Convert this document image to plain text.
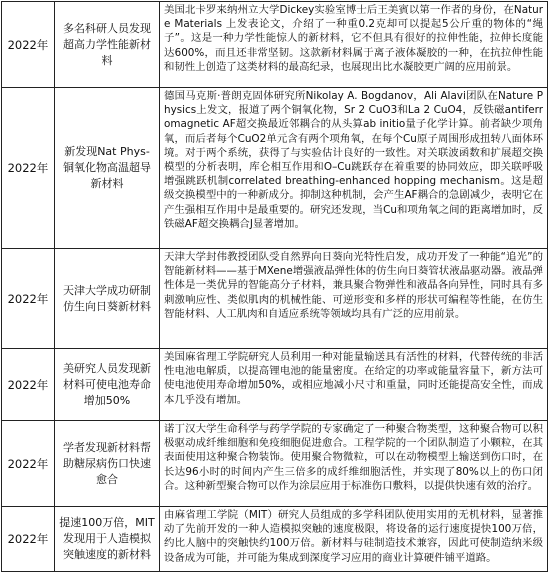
2022年
多名科研人员发现超高力学性能新材料
美国北卡罗来纳州立大学Dickey实验室博士后王美賓以第一作者的身份，在Nature Materials 上发表论文，介绍了一种重0.2克却可以提起5公斤重的物体的“绳子”。这是一种力学性能惊人的新材料，它不但具有很好的拉伸性能，拉伸长度能达600%，而且还非常坚韧。这款新材料属于离子液体凝胶的一种，在抗拉伸性能和韧性上创造了这类材料的最高纪录，也展现出比水凝胶更广阔的应用前景。
2022年
新发现Nat Phys-铜氧化物高温超导新材料
德国马克斯·普朗克固体研究所Nikolay A. Bogdanov，Ali Alavi团队在Nature Physics上发文，报道了两个铜氧化物，Sr 2 CuO3和La 2 CuO4，反铁磁antiferromagnetic AF超交换最近邻耦合的从头算ab initio量子化学计算。前者缺少项角氧，而后者每个CuO2单元含有两个项角氧，在每个Cu原子周围形成扭转八面体环境。对于两个系统，获得了与实验估计良好的一致性。对关联波函数和扩展超交换模型的分析表明，库仑相互作用和O–Cu跳跃存在着重要的协同效应，即关联呼吸增强跳跃机制correlated breathing-enhanced hopping mechanism。这是超级交换模型中的一种新成分。抑制这种机制，会产生AF耦合的急剧减少，表明它在产生强相互作用中是最重要的。研究还发现，当Cu和项角氧之间的距离增加时，反铁磁AF超交换耦合J显著增加。
2022年
天津大学成功研制仿生向日葵新材料
天津大学封伟教授团队受自然界向日葵向光特性启发，成功开发了一种能“追光”的智能新材料——基于MXene增强液晶弹性体的仿生向日葵管状液晶驱动器。液晶弹性体是一类优异的智能高分子材料，兼具聚合物弹性和液晶各向异性，同时具有多刺激响应性、类似肌肉的机械性能、可逆形变和多样的形状可编程等性能，在仿生智能材料、人工肌肉和自适应系统等领域均具有广泛的应用前景。
2022年
美研究人员发现新材料可使电池寿命增加50%
美国麻省理工学院研究人员利用一种对能量输送具有活性的材料，代替传统的非活性电池电解质，以提高锂电池的能量密度。在给定的功率或能量容量下，新方法可使电池使用寿命增加50%，或相应地减小尺寸和重量，同时还能提高安全性，而成本几乎没有增加。
2022年
学者发现新材料帮助糖尿病伤口快速愈合
诺丁汉大学生命科学与药学学院的专家确定了一种聚合物类型，这种聚合物可以积极驱动成纤维细胞和免疫细胞促进愈合。工程学院的一个团队制造了小颗粒，在其表面使用这种聚合物装饰。使用聚合物微粒，可以在动物模型上输送到伤口时，在长达96小时的时间内产生三倍多的成纤维细胞活性，并实现了80%以上的伤口闭合。这种新型聚合物可以作为涂层应用于标准伤口敷料，以提供快速有效的治疗。
2022年
提速100万倍，MIT发现用于人造模拟突触速度的新材料
由麻省理工学院（MIT）研究人员组成的多学科团队使用实用的无机材料，显著推动了先前开发的一种人造模拟突触的速度极限，将设备的运行速度提快100万倍，约比人脑中的突触快约100万倍。新材料与硅制造技术兼容，因此可使制造纳米级设备成为可能，并可能为集成到深度学习应用的商业计算硬件铺平道路。
